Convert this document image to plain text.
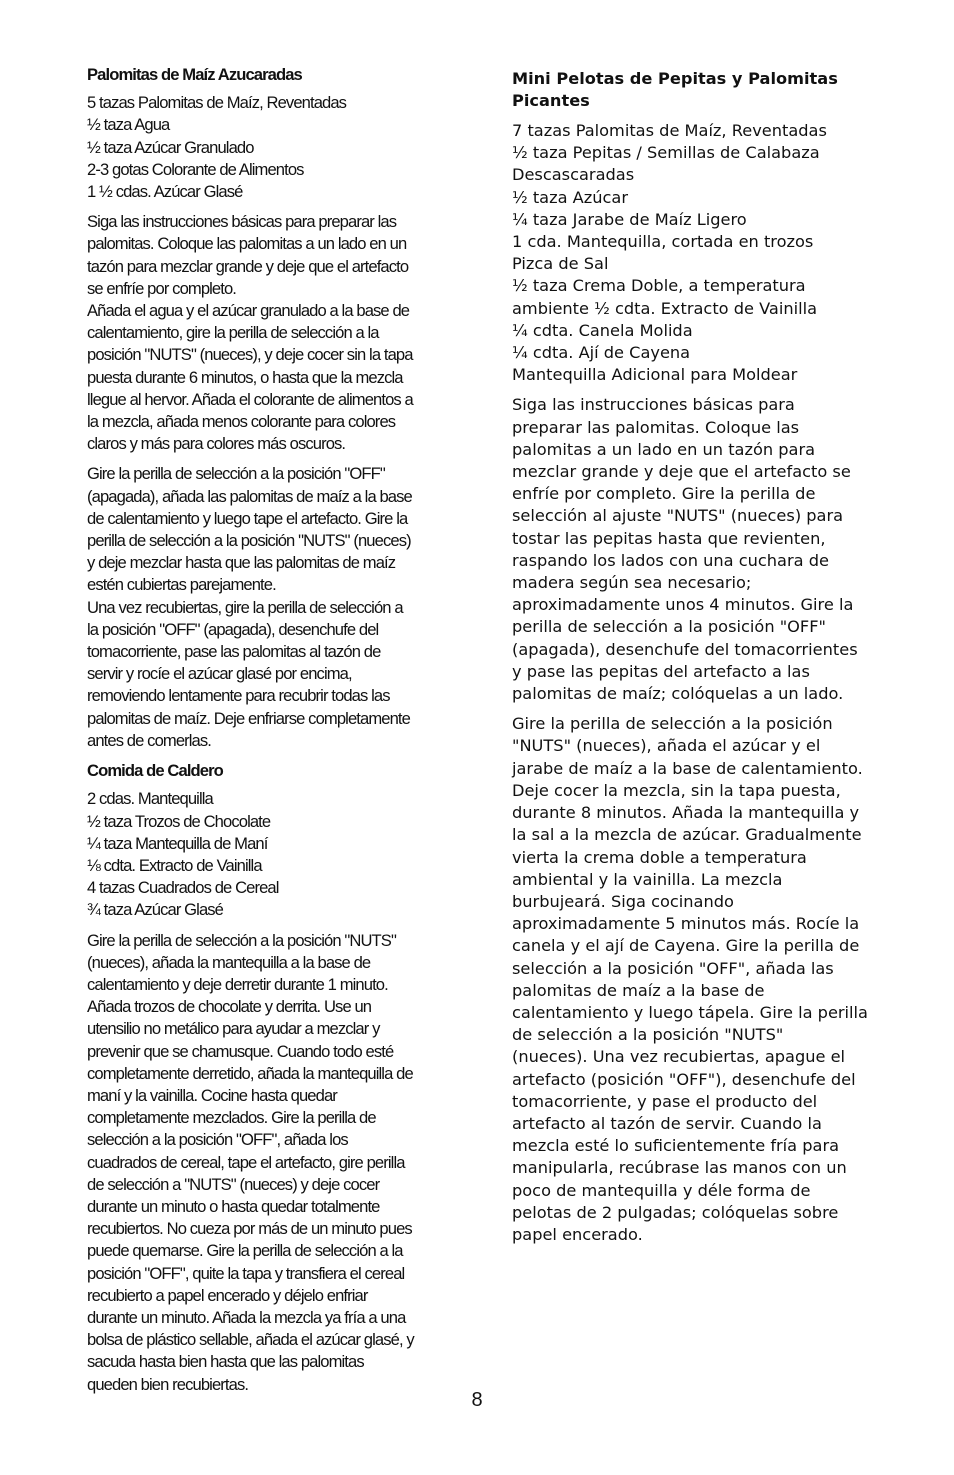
Palomitas de Maíz Azucaradas
5 tazas Palomitas de Maíz, Reventadas
½ taza Agua
½ taza Azúcar Granulado
2-3 gotas Colorante de Alimentos
1 ½ cdas. Azúcar Glasé
Siga las instrucciones básicas para preparar las
palomitas. Coloque las palomitas a un lado en un
tazón para mezclar grande y deje que el artefacto
se enfríe por completo.
Añada el agua y el azúcar granulado a la base de
calentamiento, gire la perilla de selección a la
posición "NUTS" (nueces), y deje cocer sin la tapa
puesta durante 6 minutos, o hasta que la mezcla
llegue al hervor. Añada el colorante de alimentos a
la mezcla, añada menos colorante para colores
claros y más para colores más oscuros.
Gire la perilla de selección a la posición "OFF"
(apagada), añada las palomitas de maíz a la base
de calentamiento y luego tape el artefacto. Gire la
perilla de selección a la posición "NUTS" (nueces)
y deje mezclar hasta que las palomitas de maíz
estén cubiertas parejamente.
Una vez recubiertas, gire la perilla de selección a
la posición "OFF" (apagada), desenchufe del
tomacorriente, pase las palomitas al tazón de
servir y rocíe el azúcar glasé por encima,
removiendo lentamente para recubrir todas las
palomitas de maíz. Deje enfriarse completamente
antes de comerlas.
Comida de Caldero
2 cdas. Mantequilla
½ taza Trozos de Chocolate
¼ taza Mantequilla de Maní
⅛ cdta. Extracto de Vainilla
4 tazas Cuadrados de Cereal
¾ taza Azúcar Glasé
Gire la perilla de selección a la posición "NUTS"
(nueces), añada la mantequilla a la base de
calentamiento y deje derretir durante 1 minuto.
Añada trozos de chocolate y derrita. Use un
utensilio no metálico para ayudar a mezclar y
prevenir que se chamusque. Cuando todo esté
completamente derretido, añada la mantequilla de
maní y la vainilla. Cocine hasta quedar
completamente mezclados. Gire la perilla de
selección a la posición "OFF", añada los
cuadrados de cereal, tape el artefacto, gire perilla
de selección a "NUTS" (nueces) y deje cocer
durante un minuto o hasta quedar totalmente
recubiertos. No cueza por más de un minuto pues
puede quemarse. Gire la perilla de selección a la
posición "OFF", quite la tapa y transfiera el cereal
recubierto a papel encerado y déjelo enfriar
durante un minuto. Añada la mezcla ya fría a una
bolsa de plástico sellable, añada el azúcar glasé, y
sacuda hasta bien hasta que las palomitas
queden bien recubiertas.
Mini Pelotas de Pepitas y Palomitas
Picantes
7 tazas Palomitas de Maíz, Reventadas
½ taza Pepitas / Semillas de Calabaza
Descascaradas
½ taza Azúcar
¼ taza Jarabe de Maíz Ligero
1 cda. Mantequilla, cortada en trozos
Pizca de Sal
½ taza Crema Doble, a temperatura
ambiente ½ cdta. Extracto de Vainilla
¼ cdta. Canela Molida
¼ cdta. Ají de Cayena
Mantequilla Adicional para Moldear
Siga las instrucciones básicas para
preparar las palomitas. Coloque las
palomitas a un lado en un tazón para
mezclar grande y deje que el artefacto se
enfríe por completo. Gire la perilla de
selección al ajuste "NUTS" (nueces) para
tostar las pepitas hasta que revienten,
raspando los lados con una cuchara de
madera según sea necesario;
aproximadamente unos 4 minutos. Gire la
perilla de selección a la posición "OFF"
(apagada), desenchufe del tomacorrientes
y pase las pepitas del artefacto a las
palomitas de maíz; colóquelas a un lado.
Gire la perilla de selección a la posición
"NUTS" (nueces), añada el azúcar y el
jarabe de maíz a la base de calentamiento.
Deje cocer la mezcla, sin la tapa puesta,
durante 8 minutos. Añada la mantequilla y
la sal a la mezcla de azúcar. Gradualmente
vierta la crema doble a temperatura
ambiental y la vainilla. La mezcla
burbujeará. Siga cocinando
aproximadamente 5 minutos más. Rocíe la
canela y el ají de Cayena. Gire la perilla de
selección a la posición "OFF", añada las
palomitas de maíz a la base de
calentamiento y luego tápela. Gire la perilla
de selección a la posición "NUTS"
(nueces). Una vez recubiertas, apague el
artefacto (posición "OFF"), desenchufe del
tomacorriente, y pase el producto del
artefacto al tazón de servir. Cuando la
mezcla esté lo suficientemente fría para
manipularla, recúbrase las manos con un
poco de mantequilla y déle forma de
pelotas de 2 pulgadas; colóquelas sobre
papel encerado.
8
